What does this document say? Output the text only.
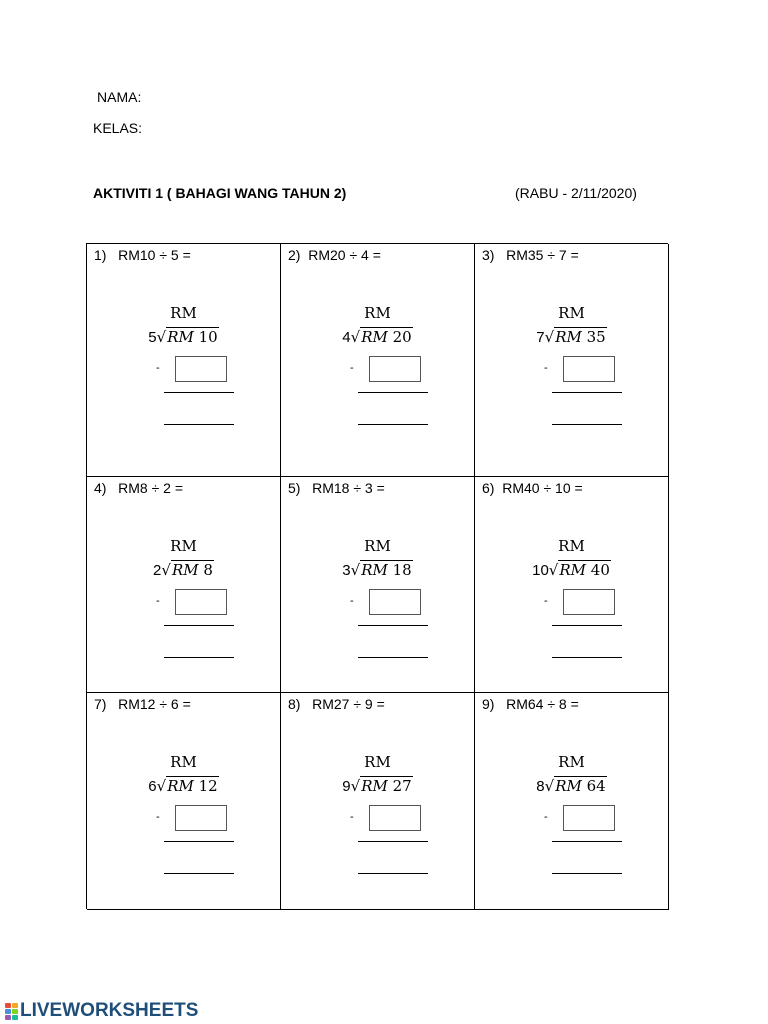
NAMA:
KELAS:
AKTIVITI 1 ( BAHAGI WANG TAHUN 2)	(RABU - 2/11/2020)
1)   RM10 ÷ 5 =
RM
5√RM 10
-
2)  RM20 ÷ 4 =
RM
4√RM 20
-
3)   RM35 ÷ 7 =
RM
7√RM 35
-
4)   RM8 ÷ 2 =
RM
2√RM 8
-
5)   RM18 ÷ 3 =
RM
3√RM 18
-
6)  RM40 ÷ 10 =
RM
10√RM 40
-
7)   RM12 ÷ 6 =
RM
6√RM 12
-
8)   RM27 ÷ 9 =
RM
9√RM 27
-
9)   RM64 ÷ 8 =
RM
8√RM 64
-
LIVEWORKSHEETS
